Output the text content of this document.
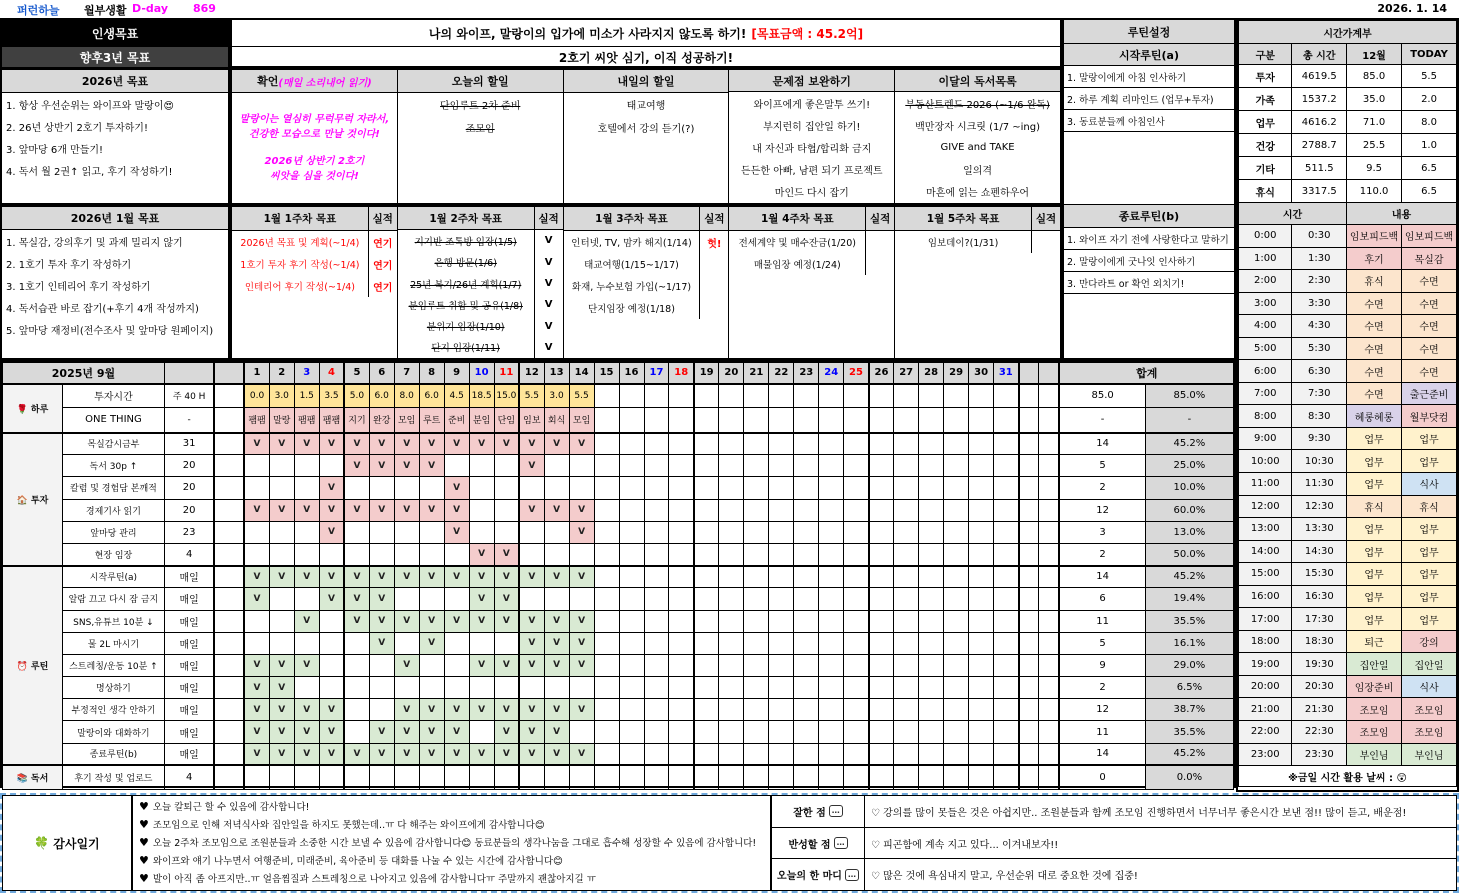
퍼런하늘 월부생활 D-day 869	2026. 1. 14
인생목표
향후3년 목표
나의 와이프, 말랑이의 입가에 미소가 사라지지 않도록 하기! [목표금액 : 45.2억]
2호기 씨앗 심기, 이직 성공하기!
2026년 목표
1. 항상 우선순위는 와이프와 말랑이😍
2. 26년 상반기 2호기 투자하기!
3. 앞마당 6개 만들기!
4. 독서 월 2권↑ 읽고, 후기 작성하기!
2026년 1월 목표
1. 목실감, 강의후기 및 과제 밀리지 않기
2. 1호기 투자 후기 작성하기
3. 1호기 인테리어 후기 작성하기
4. 독서습관 바로 잡기(+후기 4개 작성까지)
5. 앞마당 재정비(전수조사 및 앞마당 원페이지)
확언 (매일 소리내어 읽기)
말랑이는 열심히 무럭무럭 자라서,
건강한 모습으로 만날 것이다!
2026년 상반기 2호기
씨앗을 심을 것이다!
오늘의 할일
단임루트 2차 준비
조모임
내일의 할일
태교여행
호텔에서 강의 듣기(?)
문제점 보완하기
와이프에게 좋은말투 쓰기!
부지런히 집안일 하기!
내 자신과 타협/합리화 금지
든든한 아빠, 남편 되기 프로젝트
마인드 다시 잡기
이달의 독서목록
부동산트렌드 2026 (~1/6 완독)
백만장자 시크릿 (1/7 ~ing)
GIVE and TAKE
일의격
마흔에 읽는 쇼펜하우어
1월 1주차 목표	실적
2026년 목표 및 계획(~1/4)	연기
1호기 투자 후기 작성(~1/4)	연기
인테리어 후기 작성(~1/4)	연기
1월 2주차 목표	실적
지기반 조톡방 입장(1/5)	V
은행 방문(1/6)	V
25년 복기/26년 계획(1/7)	V
분임루트 취합 및 공유(1/8)	V
분위기 임장(1/10)	V
단지 임장(1/11)	V
1월 3주차 목표	실적
인터넷, TV, 맘카 해지(1/14)	헛!
태교여행(1/15~1/17)
화재, 누수보험 가입(~1/17)
단지임장 예정(1/18)
1월 4주차 목표	실적
전세계약 및 매수잔금(1/20)
매물임장 예정(1/24)
1월 5주차 목표	실적
임보데이?(1/31)
루틴설정
시작루틴(a)
1. 말랑이에게 아침 인사하기
2. 하루 계획 리마인드 (업무+투자)
3. 동료분들께 아침인사
종료루틴(b)
1. 와이프 자기 전에 사랑한다고 말하기
2. 말랑이에게 굿나잇 인사하기
3. 만다라트 or 확언 외치기!
시간가계부			
구분	총 시간	12월	TODAY
투자	4619.5	85.0	5.5
가족	1537.2	35.0	2.0
업무	4616.2	71.0	8.0
건강	2788.7	25.5	1.0
기타	511.5	9.5	6.5
휴식	3317.5	110.0	6.5
시간		내용	
0:00	0:30	임보피드백	임보피드백
1:00	1:30	후기	목실감
2:00	2:30	휴식	수면
3:00	3:30	수면	수면
4:00	4:30	수면	수면
5:00	5:30	수면	수면
6:00	6:30	수면	수면
7:00	7:30	수면	출근준비
8:00	8:30	혜롱혜롱	월부닷컴
9:00	9:30	업무	업무
10:00	10:30	업무	업무
11:00	11:30	업무	식사
12:00	12:30	휴식	휴식
13:00	13:30	업무	업무
14:00	14:30	업무	업무
15:00	15:30	업무	업무
16:00	16:30	업무	업무
17:00	17:30	업무	업무
18:00	18:30	퇴근	강의
19:00	19:30	집안일	집안일
20:00	20:30	임장준비	식사
21:00	21:30	조모임	조모임
22:00	22:30	조모임	조모임
23:00	23:30	부인님	부인님
※금일 시간 활용 날씨 : 😲			
2025년 9월				1	2	3	4	5	6	7	8	9	10	11	12	13	14	15	16	17	18	19	20	21	22	23	24	25	26	27	28	29	30	31			합계	
🌹 하루	투자시간	주 40 H		0.0	3.0	1.5	3.5	5.0	6.0	8.0	6.0	4.5	18.5	15.0	5.5	3.0	5.5																				85.0	85.0%
	ONE THING	-		팸팸	말랑	팸팸	팸팸	지기	완강	모임	루트	준비	분임	단임	임보	회식	모임																				-	-
🏠 투자	목실감시금부	31		V	V	V	V	V	V	V	V	V	V	V	V	V	V																				14	45.2%
	독서 30p ↑	20						V	V	V	V				V																						5	25.0%
	칼럼 및 경험담 본깨적	20					V					V																									2	10.0%
	경제기사 읽기	20		V	V	V	V	V	V	V	V	V			V	V	V																				12	60.0%
	앞마당 관리	23					V					V					V																				3	13.0%
	현장 임장	4											V	V																							2	50.0%
⏰ 루틴	시작루틴(a)	매일		V	V	V	V	V	V	V	V	V	V	V	V	V	V																				14	45.2%
	알람 끄고 다시 잠 금지	매일		V			V	V	V				V	V																							6	19.4%
	SNS,유튜브 10분 ↓	매일				V		V	V	V	V	V	V	V	V	V	V																				11	35.5%
	물 2L 마시기	매일							V		V				V	V	V																				5	16.1%
	스트레칭/운동 10분 ↑	매일		V	V	V				V			V	V	V	V	V																				9	29.0%
	명상하기	매일		V	V																																2	6.5%
	부정적인 생각 안하기	매일		V	V	V	V			V	V	V	V	V	V	V	V																				12	38.7%
	말랑이와 대화하기	매일		V	V	V	V		V	V	V	V		V	V	V																					11	35.5%
	종료루틴(b)	매일		V	V	V	V	V	V	V	V	V	V	V	V	V	V																				14	45.2%
📚 독서	후기 작성 및 업로드	4																																			0	0.0%
🍀 감사일기
♥ 오늘 칼퇴근 할 수 있음에 감사합니다!
♥ 조모임으로 인해 저녁식사와 집안일을 하지도 못했는데..ㅠ 다 해주는 와이프에게 감사합니다😊
♥ 오늘 2주차 조모임으로 조원분들과 소중한 시간 보낼 수 있음에 감사합니다😊 동료분들의 생각나눔을 그대로 흡수해 성장할 수 있음에 감사합니다!
♥ 와이프와 얘기 나누면서 여행준비, 미래준비, 육아준비 등 대화를 나눌 수 있는 시간에 감사합니다😊
♥ 발이 아직 좀 아프지만..ㅠ 얼음찜질과 스트레칭으로 나아지고 있음에 감사합니다ㅠ 주말까지 괜찮아지길 ㅠ
잘한 점 …	♡ 강의를 많이 못들은 것은 아쉽지만.. 조원분들과 함께 조모임 진행하면서 너무너무 좋은시간 보낸 점!! 많이 듣고, 배운점!
반성할 점 …	♡ 피곤함에 계속 지고 있다... 이겨내보자!!
오늘의 한 마디 …	♡ 많은 것에 욕심내지 말고, 우선순위 대로 중요한 것에 집중!
